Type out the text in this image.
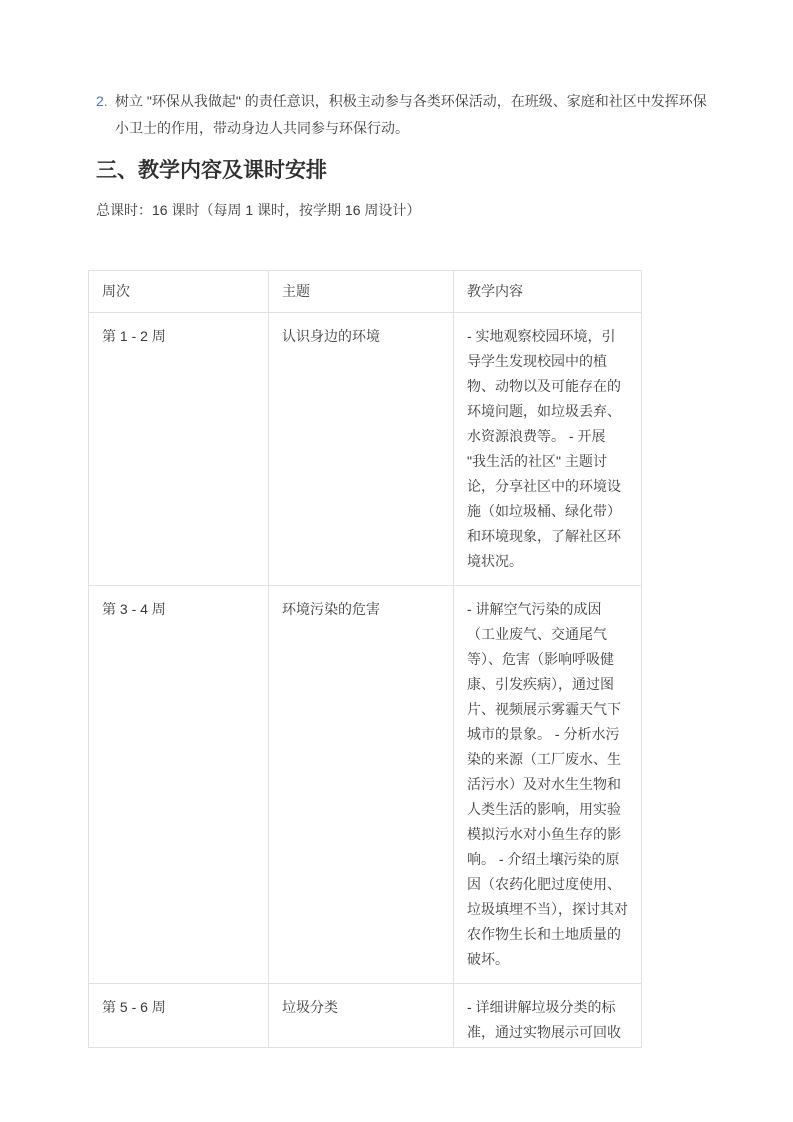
2. 树立 "环保从我做起" 的责任意识，积极主动参与各类环保活动，在班级、家庭和社区中发挥环保小卫士的作用，带动身边人共同参与环保行动。
三、教学内容及课时安排

总课时：16 课时（每周 1 课时，按学期 16 周设计）

周次	主题	教学内容
第 1 - 2 周	认识身边的环境	- 实地观察校园环境，引导学生发现校园中的植物、动物以及可能存在的环境问题，如垃圾丢弃、水资源浪费等。 - 开展 "我生活的社区" 主题讨论，分享社区中的环境设施（如垃圾桶、绿化带）和环境现象，了解社区环境状况。
第 3 - 4 周	环境污染的危害	- 讲解空气污染的成因（工业废气、交通尾气等）、危害（影响呼吸健康、引发疾病），通过图片、视频展示雾霾天气下城市的景象。 - 分析水污染的来源（工厂废水、生活污水）及对水生生物和人类生活的影响，用实验模拟污水对小鱼生存的影响。 - 介绍土壤污染的原因（农药化肥过度使用、垃圾填埋不当），探讨其对农作物生长和土地质量的破坏。
第 5 - 6 周	垃圾分类	- 详细讲解垃圾分类的标准，通过实物展示可回收
